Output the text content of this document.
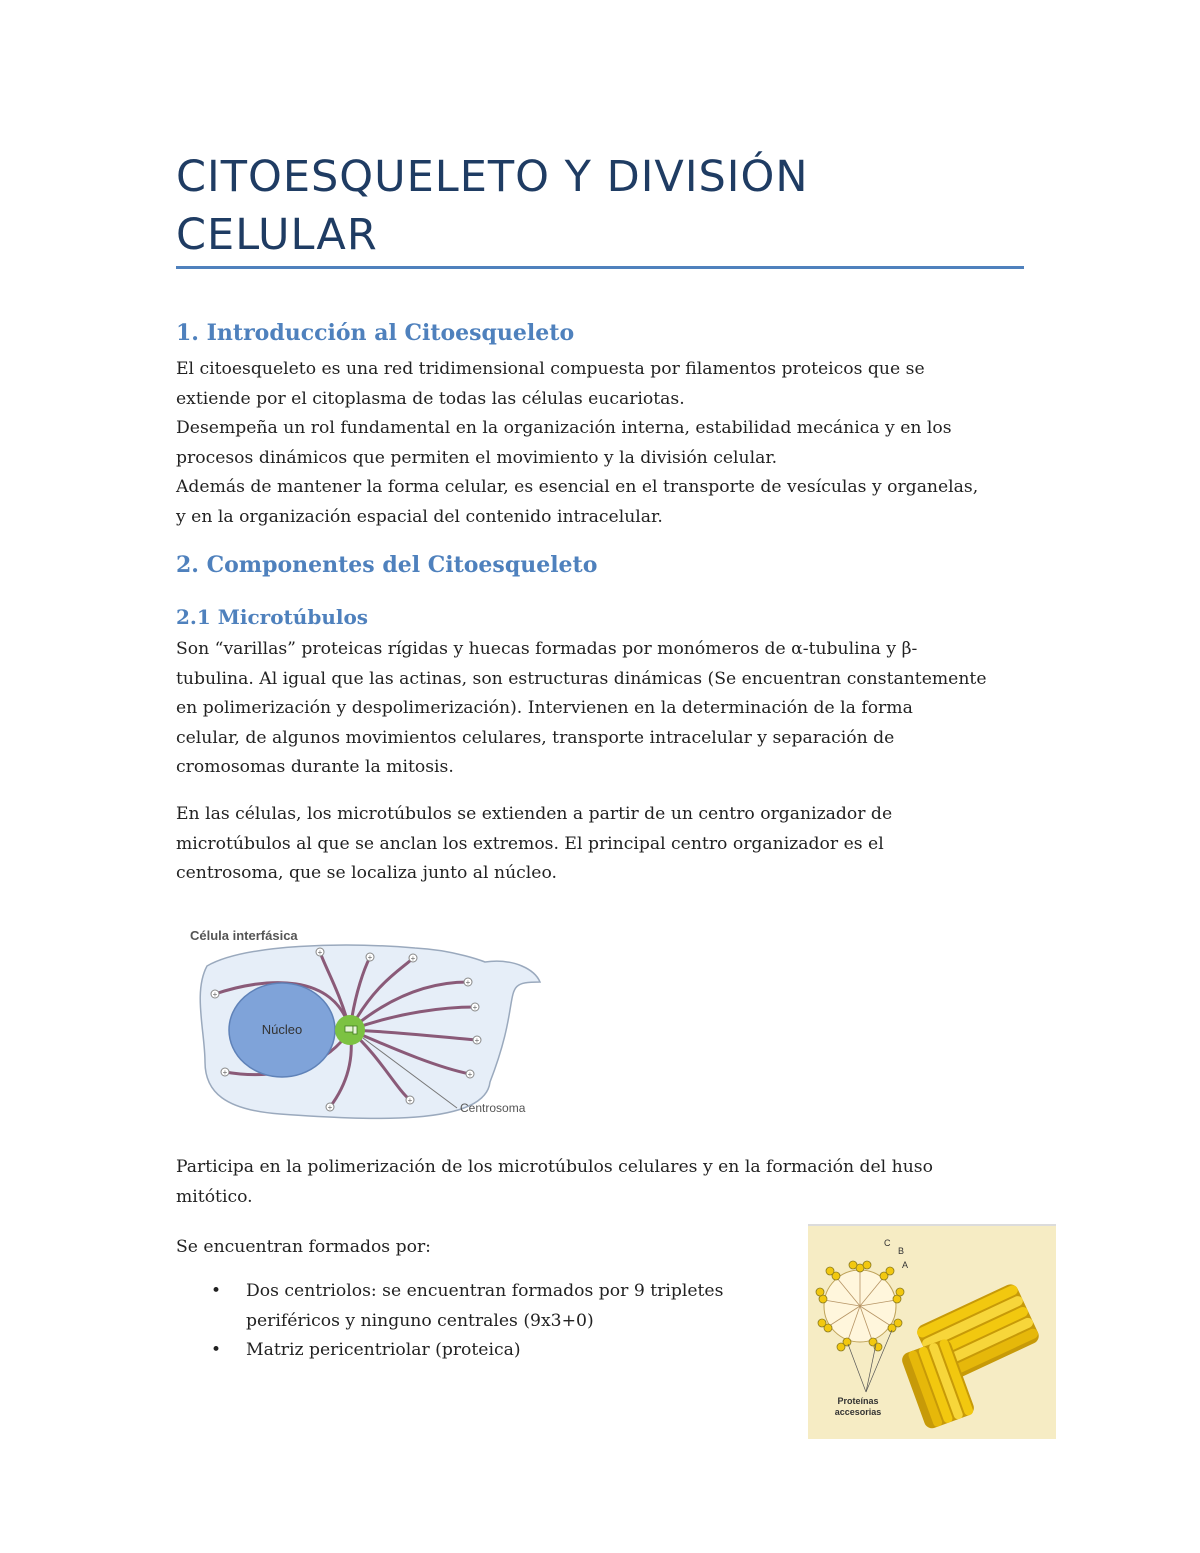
CITOESQUELETO Y DIVISIÓN
CELULAR
1. Introducción al Citoesqueleto

El citoesqueleto es una red tridimensional compuesta por filamentos proteicos que se
extiende por el citoplasma de todas las células eucariotas.
Desempeña un rol fundamental en la organización interna, estabilidad mecánica y en los
procesos dinámicos que permiten el movimiento y la división celular.
Además de mantener la forma celular, es esencial en el transporte de vesículas y organelas,
y en la organización espacial del contenido intracelular.

2. Componentes del Citoesqueleto
2.1 Microtúbulos

Son “varillas” proteicas rígidas y huecas formadas por monómeros de α-tubulina y β-
tubulina. Al igual que las actinas, son estructuras dinámicas (Se encuentran constantemente
en polimerización y despolimerización). Intervienen en la determinación de la forma
celular, de algunos movimientos celulares, transporte intracelular y separación de
cromosomas durante la mitosis.

En las células, los microtúbulos se extienden a partir de un centro organizador de
microtúbulos al que se anclan los extremos. El principal centro organizador es el
centrosoma, que se localiza junto al núcleo.

Célula interfásica
Núcleo
+
+
+	+
+
+
+
+
+
+
+
Centrosoma

Participa en la polimerización de los microtúbulos celulares y en la formación del huso
mitótico.

Se encuentran formados por:

• Dos centriolos: se encuentran formados por 9 tripletes
periféricos y ninguno centrales (9x3+0)
• Matriz pericentriolar (proteica)
C
B
A
Proteínas
accesorias
